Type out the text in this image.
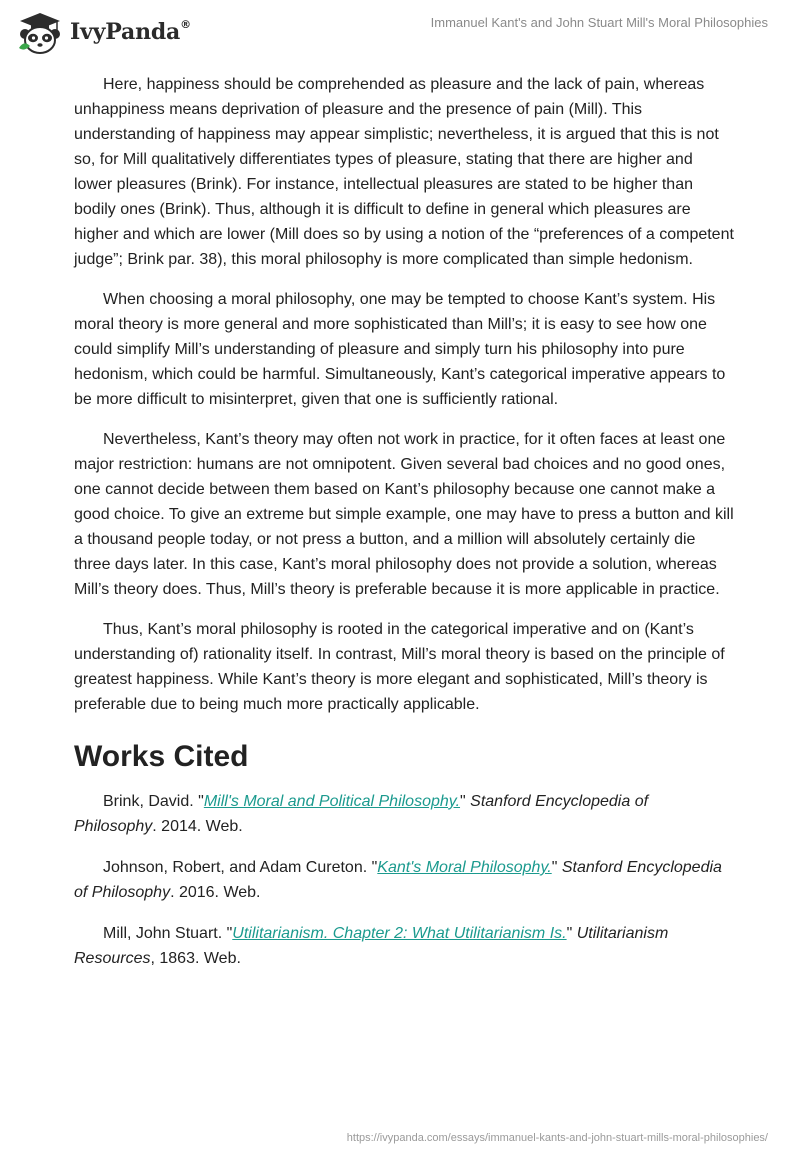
IvyPanda®	Immanuel Kant's and John Stuart Mill's Moral Philosophies

Here, happiness should be comprehended as pleasure and the lack of pain, whereas unhappiness means deprivation of pleasure and the presence of pain (Mill). This understanding of happiness may appear simplistic; nevertheless, it is argued that this is not so, for Mill qualitatively differentiates types of pleasure, stating that there are higher and lower pleasures (Brink). For instance, intellectual pleasures are stated to be higher than bodily ones (Brink). Thus, although it is difficult to define in general which pleasures are higher and which are lower (Mill does so by using a notion of the “preferences of a competent judge”; Brink par. 38), this moral philosophy is more complicated than simple hedonism.

When choosing a moral philosophy, one may be tempted to choose Kant’s system. His moral theory is more general and more sophisticated than Mill’s; it is easy to see how one could simplify Mill’s understanding of pleasure and simply turn his philosophy into pure hedonism, which could be harmful. Simultaneously, Kant’s categorical imperative appears to be more difficult to misinterpret, given that one is sufficiently rational.

Nevertheless, Kant’s theory may often not work in practice, for it often faces at least one major restriction: humans are not omnipotent. Given several bad choices and no good ones, one cannot decide between them based on Kant’s philosophy because one cannot make a good choice. To give an extreme but simple example, one may have to press a button and kill a thousand people today, or not press a button, and a million will absolutely certainly die three days later. In this case, Kant’s moral philosophy does not provide a solution, whereas Mill’s theory does. Thus, Mill’s theory is preferable because it is more applicable in practice.

Thus, Kant’s moral philosophy is rooted in the categorical imperative and on (Kant’s understanding of) rationality itself. In contrast, Mill’s moral theory is based on the principle of greatest happiness. While Kant’s theory is more elegant and sophisticated, Mill’s theory is preferable due to being much more practically applicable.

Works Cited

Brink, David. "Mill's Moral and Political Philosophy." Stanford Encyclopedia of Philosophy. 2014. Web.

Johnson, Robert, and Adam Cureton. "Kant's Moral Philosophy." Stanford Encyclopedia of Philosophy. 2016. Web.

Mill, John Stuart. "Utilitarianism. Chapter 2: What Utilitarianism Is." Utilitarianism Resources, 1863. Web.

https://ivypanda.com/essays/immanuel-kants-and-john-stuart-mills-moral-philosophies/
